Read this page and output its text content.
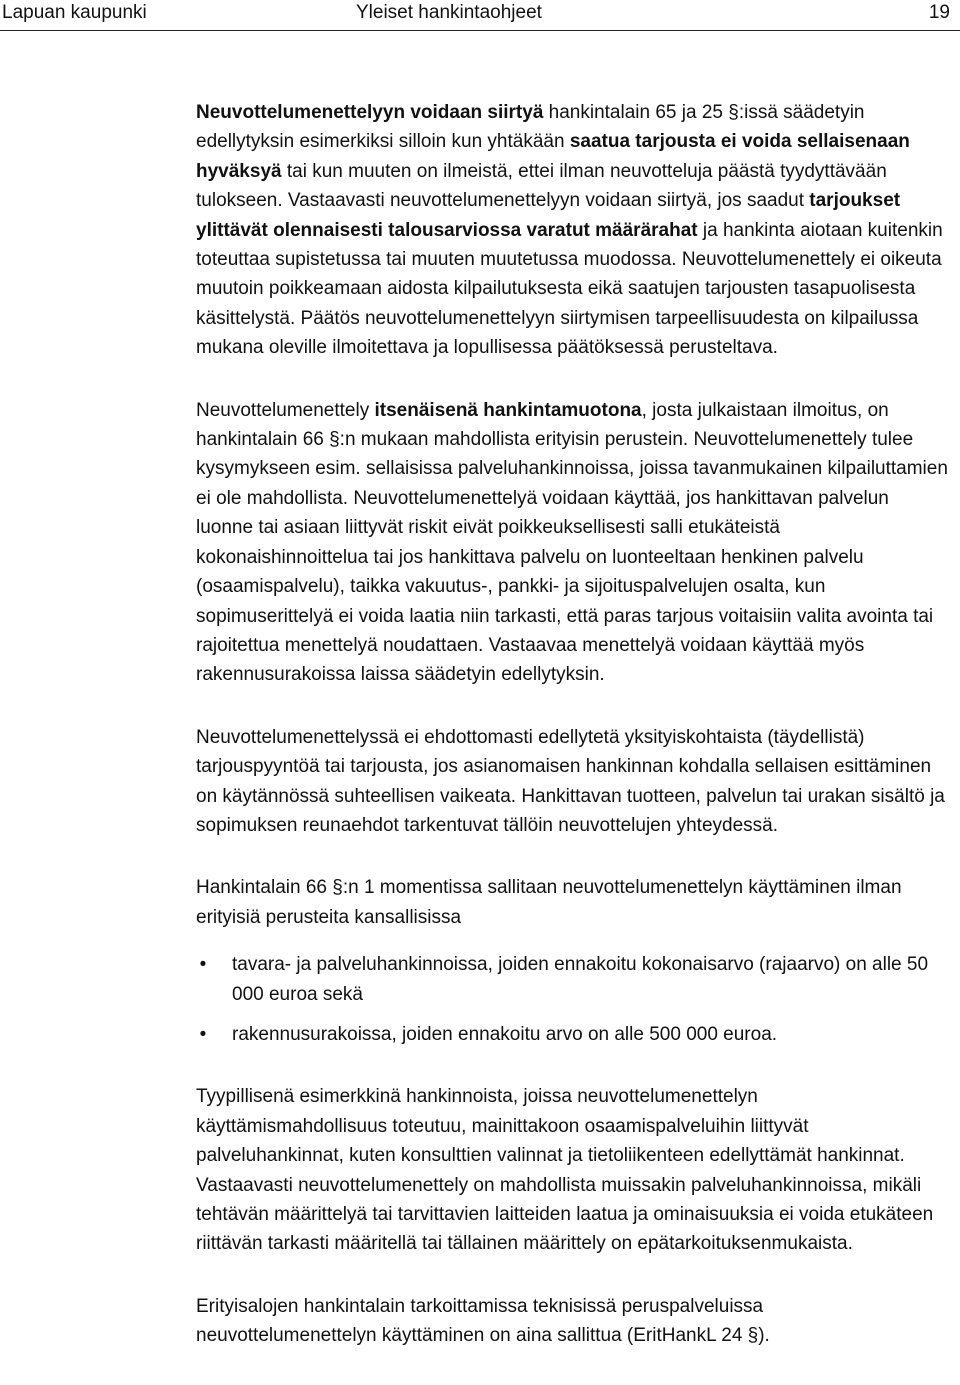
Lapuan kaupunki	Yleiset hankintaohjeet	19

Neuvottelumenettelyyn voidaan siirtyä hankintalain 65 ja 25 §:issä säädetyin edellytyksin esimerkiksi silloin kun yhtäkään saatua tarjousta ei voida sellaisenaan hyväksyä tai kun muuten on ilmeistä, ettei ilman neuvotteluja päästä tyydyttävään tulokseen. Vastaavasti neuvottelumenettelyyn voidaan siirtyä, jos saadut tarjoukset ylittävät olennaisesti talousarviossa varatut määrärahat ja hankinta aiotaan kuitenkin toteuttaa supistetussa tai muuten muutetussa muodossa. Neuvottelumenettely ei oikeuta muutoin poikkeamaan aidosta kilpailutuksesta eikä saatujen tarjousten tasapuolisesta käsittelystä. Päätös neuvottelumenettelyyn siirtymisen tarpeellisuudesta on kilpailussa mukana oleville ilmoitettava ja lopullisessa päätöksessä perusteltava.

Neuvottelumenettely itsenäisenä hankintamuotona, josta julkaistaan ilmoitus, on hankintalain 66 §:n mukaan mahdollista erityisin perustein. Neuvottelumenettely tulee kysymykseen esim. sellaisissa palveluhankinnoissa, joissa tavanmukainen kilpailuttamien ei ole mahdollista. Neuvottelumenettelyä voidaan käyttää, jos hankittavan palvelun luonne tai asiaan liittyvät riskit eivät poikkeuksellisesti salli etukäteistä kokonaishinnoittelua tai jos hankittava palvelu on luonteeltaan henkinen palvelu (osaamispalvelu), taikka vakuutus-, pankki- ja sijoituspalvelujen osalta, kun sopimuserittelyä ei voida laatia niin tarkasti, että paras tarjous voitaisiin valita avointa tai rajoitettua menettelyä noudattaen. Vastaavaa menettelyä voidaan käyttää myös rakennusurakoissa laissa säädetyin edellytyksin.

Neuvottelumenettelyssä ei ehdottomasti edellytetä yksityiskohtaista (täydellistä) tarjouspyyntöä tai tarjousta, jos asianomaisen hankinnan kohdalla sellaisen esittäminen on käytännössä suhteellisen vaikeata. Hankittavan tuotteen, palvelun tai urakan sisältö ja sopimuksen reunaehdot tarkentuvat tällöin neuvottelujen yhteydessä.

Hankintalain 66 §:n 1 momentissa sallitaan neuvottelumenettelyn käyttäminen ilman erityisiä perusteita kansallisissa

• tavara- ja palveluhankinnoissa, joiden ennakoitu kokonaisarvo (rajaarvo) on alle 50 000 euroa sekä
• rakennusurakoissa, joiden ennakoitu arvo on alle 500 000 euroa.

Tyypillisenä esimerkkinä hankinnoista, joissa neuvottelumenettelyn käyttämismahdollisuus toteutuu, mainittakoon osaamispalveluihin liittyvät palveluhankinnat, kuten konsulttien valinnat ja tietoliikenteen edellyttämät hankinnat. Vastaavasti neuvottelumenettely on mahdollista muissakin palveluhankinnoissa, mikäli tehtävän määrittelyä tai tarvittavien laitteiden laatua ja ominaisuuksia ei voida etukäteen riittävän tarkasti määritellä tai tällainen määrittely on epätarkoituksenmukaista.

Erityisalojen hankintalain tarkoittamissa teknisissä peruspalveluissa neuvottelumenettelyn käyttäminen on aina sallittua (EritHankL 24 §).
